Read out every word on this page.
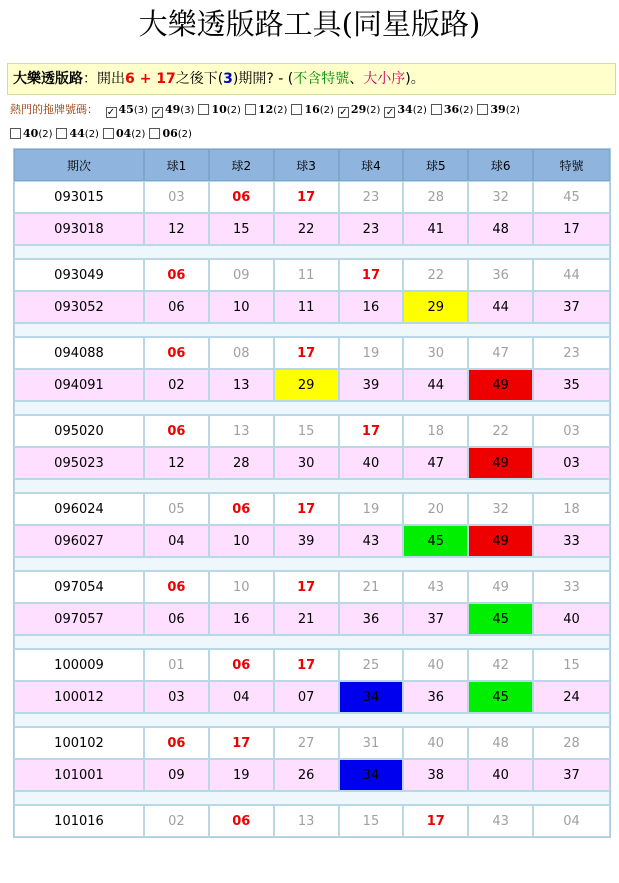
大樂透版路工具(同星版路)
大樂透版路：開出6 + 17之後下(3)期開? - (不含特號、大小序)。
熱門的拖牌號碼： ✓ 45(3) ✓ 49(3) 10(2) 12(2) 16(2) ✓ 29(2) ✓ 34(2) 36(2) 39(2)
40(2) 44(2) 04(2) 06(2)
期次	球1	球2	球3	球4	球5	球6	特號
093015	03	06	17	23	28	32	45
093018	12	15	22	23	41	48	17

093049	06	09	11	17	22	36	44
093052	06	10	11	16	29	44	37

094088	06	08	17	19	30	47	23
094091	02	13	29	39	44	49	35

095020	06	13	15	17	18	22	03
095023	12	28	30	40	47	49	03

096024	05	06	17	19	20	32	18
096027	04	10	39	43	45	49	33

097054	06	10	17	21	43	49	33
097057	06	16	21	36	37	45	40

100009	01	06	17	25	40	42	15
100012	03	04	07	34	36	45	24

100102	06	17	27	31	40	48	28
101001	09	19	26	34	38	40	37

101016	02	06	13	15	17	43	04
